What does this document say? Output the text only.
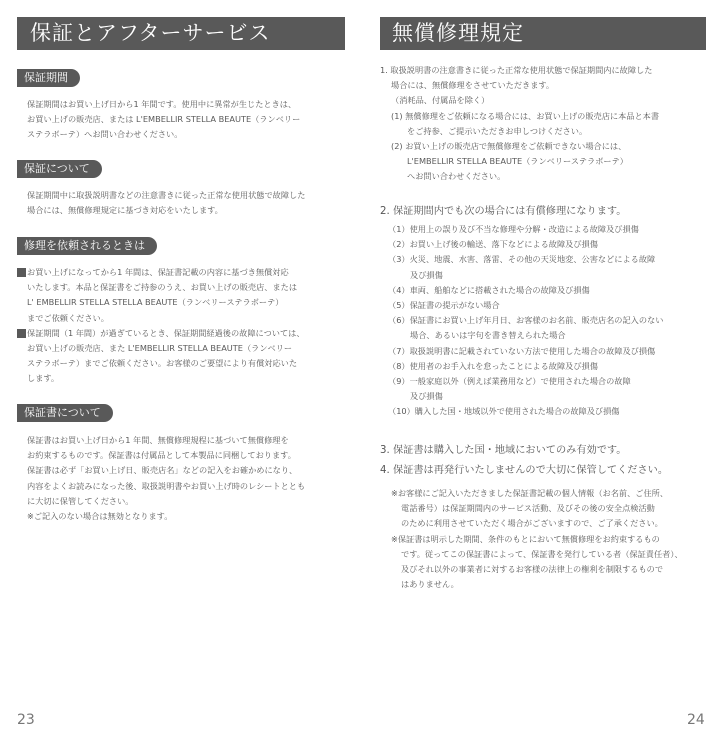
保証とアフターサービス
保証期間
保証期間はお買い上げ日から1 年間です。使用中に異常が生じたときは、
お買い上げの販売店、または L'EMBELLIR STELLA BEAUTE（ランベリー
ステラボーテ）へお問い合わせください。
保証について
保証期間中に取扱説明書などの注意書きに従った正常な使用状態で故障した
場合には、無償修理規定に基づき対応をいたします。
修理を依頼されるときは
お買い上げになってから1 年間は、保証書記載の内容に基づき無償対応
いたします。本品と保証書をご持参のうえ、お買い上げの販売店、または
L' EMBELLIR STELLA STELLA BEAUTE（ランベリーステラボーテ）
までご依頼ください。
保証期間（1 年間）が過ぎているとき、保証期間経過後の故障については、
お買い上げの販売店、また L'EMBELLIR STELLA BEAUTE（ランベリー
ステラボーテ）までご依頼ください。お客様のご要望により有償対応いた
します。
保証書について
保証書はお買い上げ日から1 年間、無償修理規程に基づいて無償修理を
お約束するものです。保証書は付属品として本製品に同梱しております。
保証書は必ず「お買い上げ日、販売店名」などの記入をお確かめになり、
内容をよくお読みになった後、取扱説明書やお買い上げ時のレシートととも
に大切に保管してください。
※ご記入のない場合は無効となります。
23
無償修理規定
1. 取扱説明書の注意書きに従った正常な使用状態で保証期間内に故障した
場合には、無償修理をさせていただきます。
（消耗品、付属品を除く）
(1) 無償修理をご依頼になる場合には、お買い上げの販売店に本品と本書
をご持参、ご提示いただきお申しつけください。
(2) お買い上げの販売店で無償修理をご依頼できない場合には、
L'EMBELLIR STELLA BEAUTE（ランベリーステラボーテ）
へお問い合わせください。
2. 保証期間内でも次の場合には有償修理になります。
（1）使用上の誤り及び不当な修理や分解・改造による故障及び損傷
（2）お買い上げ後の輸送、落下などによる故障及び損傷
（3）火災、地震、水害、落雷、その他の天災地変、公害などによる故障
及び損傷
（4）車両、船舶などに搭載された場合の故障及び損傷
（5）保証書の提示がない場合
（6）保証書にお買い上げ年月日、お客様のお名前、販売店名の記入のない
場合、あるいは字句を書き替えられた場合
（7）取扱説明書に記載されていない方法で使用した場合の故障及び損傷
（8）使用者のお手入れを怠ったことによる故障及び損傷
（9）一般家庭以外（例えば業務用など）で使用された場合の故障
及び損傷
（10）購入した国・地域以外で使用された場合の故障及び損傷
3. 保証書は購入した国・地域においてのみ有効です。
4. 保証書は再発行いたしませんので大切に保管してください。
※お客様にご記入いただきました保証書記載の個人情報（お名前、ご住所、
電話番号）は保証期間内のサービス活動、及びその後の安全点検活動
のために利用させていただく場合がございますので、ご了承ください。
※保証書は明示した期間、条件のもとにおいて無償修理をお約束するもの
です。従ってこの保証書によって、保証書を発行している者（保証責任者）、
及びそれ以外の事業者に対するお客様の法律上の権利を制限するもので
はありません。
24
